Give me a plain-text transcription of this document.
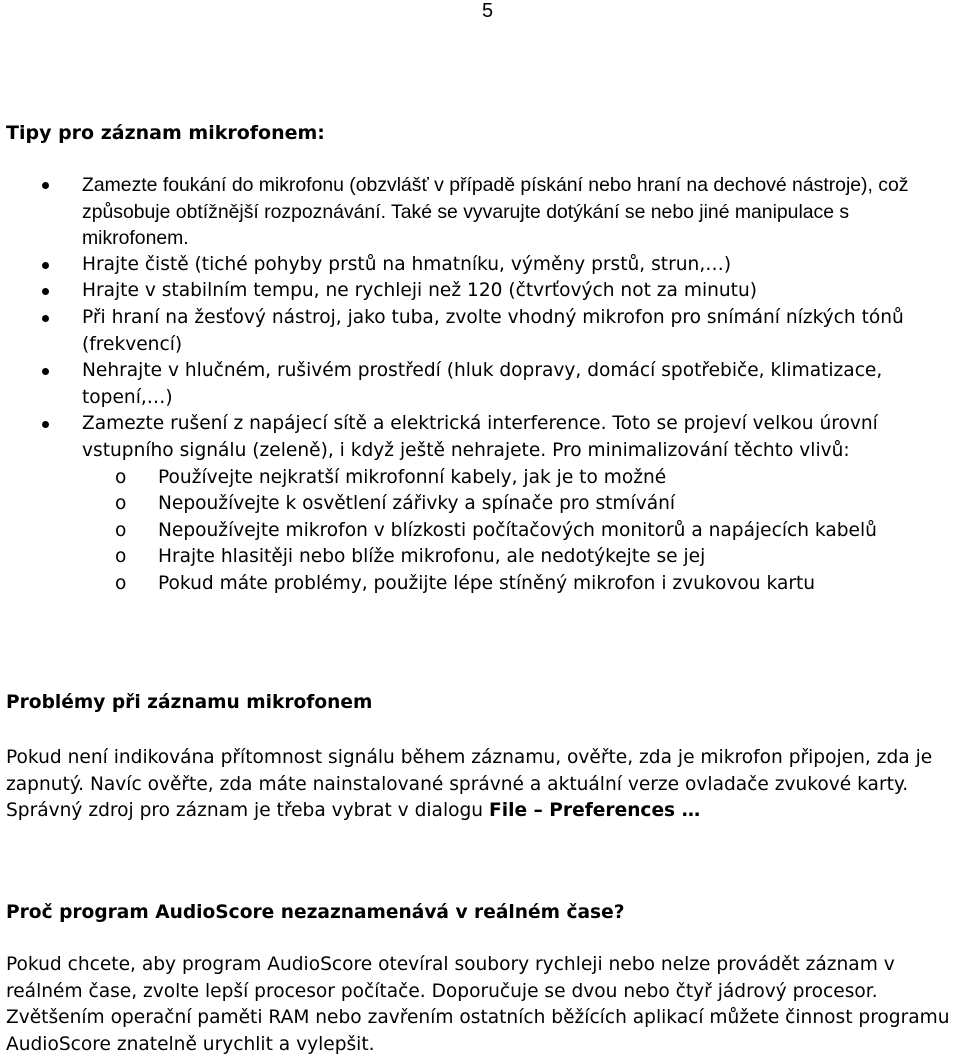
5
Tipy pro záznam mikrofonem:
Zamezte foukání do mikrofonu (obzvlášť v případě pískání nebo hraní na dechové nástroje), což způsobuje obtížnější rozpoznávání. Také se vyvarujte dotýkání se nebo jiné manipulace s mikrofonem.
Hrajte čistě (tiché pohyby prstů na hmatníku, výměny prstů, strun,…)
Hrajte v stabilním tempu, ne rychleji než 120 (čtvrťových not za minutu)
Při hraní na žesťový nástroj, jako tuba, zvolte vhodný mikrofon pro snímání nízkých tónů (frekvencí)
Nehrajte v hlučném, rušivém prostředí (hluk dopravy, domácí spotřebiče, klimatizace, topení,…)
Zamezte rušení z napájecí sítě a elektrická interference. Toto se projeví velkou úrovní vstupního signálu (zeleně), i když ještě nehrajete. Pro minimalizování těchto vlivů:
o Používejte nejkratší mikrofonní kabely, jak je to možné
o Nepoužívejte k osvětlení zářivky a spínače pro stmívání
o Nepoužívejte mikrofon v blízkosti počítačových monitorů a napájecích kabelů
o Hrajte hlasitěji nebo blíže mikrofonu, ale nedotýkejte se jej
o Pokud máte problémy, použijte lépe stíněný mikrofon i zvukovou kartu
Problémy při záznamu mikrofonem

Pokud není indikována přítomnost signálu během záznamu, ověřte, zda je mikrofon připojen, zda je zapnutý. Navíc ověřte, zda máte nainstalované správné a aktuální verze ovladače zvukové karty. Správný zdroj pro záznam je třeba vybrat v dialogu File – Preferences …

Proč program AudioScore nezaznamenává v reálném čase?

Pokud chcete, aby program AudioScore otevíral soubory rychleji nebo nelze provádět záznam v reálném čase, zvolte lepší procesor počítače. Doporučuje se dvou nebo čtyř jádrový procesor. Zvětšením operační paměti RAM nebo zavřením ostatních běžících aplikací můžete činnost programu AudioScore znatelně urychlit a vylepšit.
